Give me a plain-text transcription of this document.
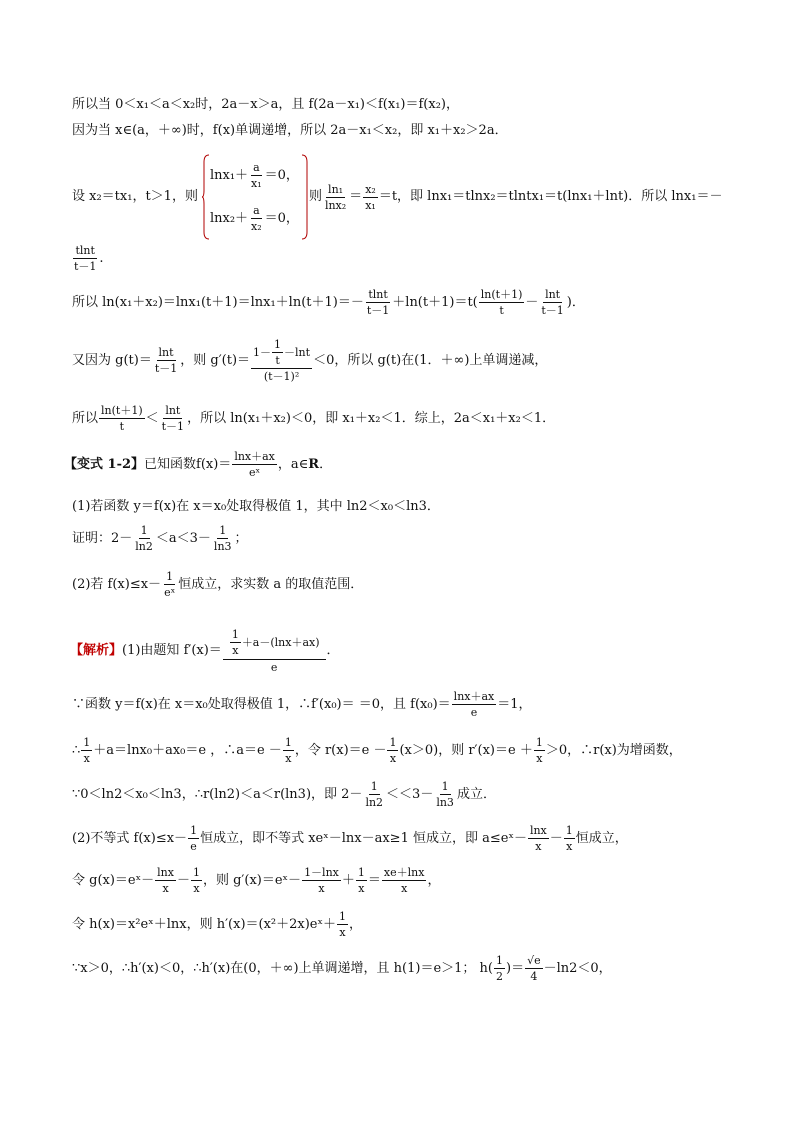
所以当 0＜x₁＜a＜x₂时，2a－x＞a，且 f(2a－x₁)＜f(x₁)＝f(x₂)，
因为当 x∈(a，＋∞)时，f(x)单调递增，所以 2a－x₁＜x₂，即 x₁＋x₂＞2a．
设 x₂＝tx₁，t＞1，则
$\ln x_1+ \frac{a}{\text{x₁}} =0$，
$\ln x_2+ \frac{a}{\text{x₂}} =0$，
则 $\frac{\text{ln₁}}{\text{lnx₂}} = \frac{\text{x₂}}{\text{x₁}} =t$，即 lnx₁＝tlnx₂＝tlntx₁＝t(lnx₁＋lnt)．所以 lnx₁＝－
$\frac{tlnt}{t-1}$ .
所以 $\ln(x_1+x_2)=\ln x_1(t+1)=\ln x_1+\ln(t+1)=- \frac{tlnt}{t-1} +\ln(t+1)=t( \frac{\ln(t+1)}{t} - \frac{\ln t}{t-1}$ )．
又因为 $g(t)= \frac{\ln t}{t-1}$ ，则 $g'(t)= \frac{1- \frac{1}{t} -\ln t}{\text{(t－1)²}} <0$，所以 g(t)在(1．＋∞)上单调递减，
所以 $\frac{\ln(t+1)}{t} < \frac{\ln t}{t-1}$ ，所以 ln(x₁＋x₂)＜0，即 x₁＋x₂＜1．综上，2a＜x₁＋x₂＜1．
【变式 1-2】 已知函数$f(x)= \frac{\ln x+ax}{\text{eˣ}}$ ，a∈ R ．
(1)若函数 y＝f(x)在 x＝x₀处取得极值 1，其中 ln2＜x₀＜ln3．
证明：$2- \frac{1}{\ln 2} <a<3- \frac{1}{\ln 3}$ ；
(2)若 $f(x)\le x- \frac{1}{\text{eˣ}}$ 恒成立，求实数 a 的取值范围．
【解析】 (1)由题知 $f'(x)= \frac{\frac{1}{x} +a-(\ln x+ax)}{e}$ ．
∵函数 y＝f(x)在 x＝x₀处取得极值 1，∴f′(x₀)＝ ＝0，且 $f(x_0)= \frac{\ln x+ax}{e} =1$，
∴ $\frac{1}{x} +a=\ln x_0+ax_0=e$ ，∴a＝e － $\frac{1}{x}$ ，令 $r(x)=e - \frac{1}{x} (x>0)$，则 $r'(x)=e + \frac{1}{x} >0$，∴r(x)为增函数，
∵0＜ln2＜x₀＜ln3，∴r(ln2)＜a＜r(ln3)，即 $2- \frac{1}{\ln 2} <<3- \frac{1}{\ln 3}$ 成立．
(2)不等式 $f(x)\le x- \frac{1}{e}$ 恒成立，即不等式 xeˣ－lnx－ax≥1 恒成立，即 a≤eˣ－ $\frac{\ln x}{x} - \frac{1}{x}$ 恒成立，
令 g(x)＝eˣ－ $\frac{\ln x}{x} - \frac{1}{x}$ ，则 g′(x)＝eˣ－ $\frac{1-\ln x}{x} + \frac{1}{x} = \frac{xe+\ln x}{x}$ ，
令 h(x)＝x²eˣ＋lnx，则 h′(x)＝(x²＋2x)eˣ＋ $\frac{1}{x}$ ，
∵x＞0，∴h′(x)＜0，∴h′(x)在(0，＋∞)上单调递增，且 h(1)＝e＞1； $h( \frac{1}{2}$ )＝ $\frac{√e}{4} -\ln 2<0$，
